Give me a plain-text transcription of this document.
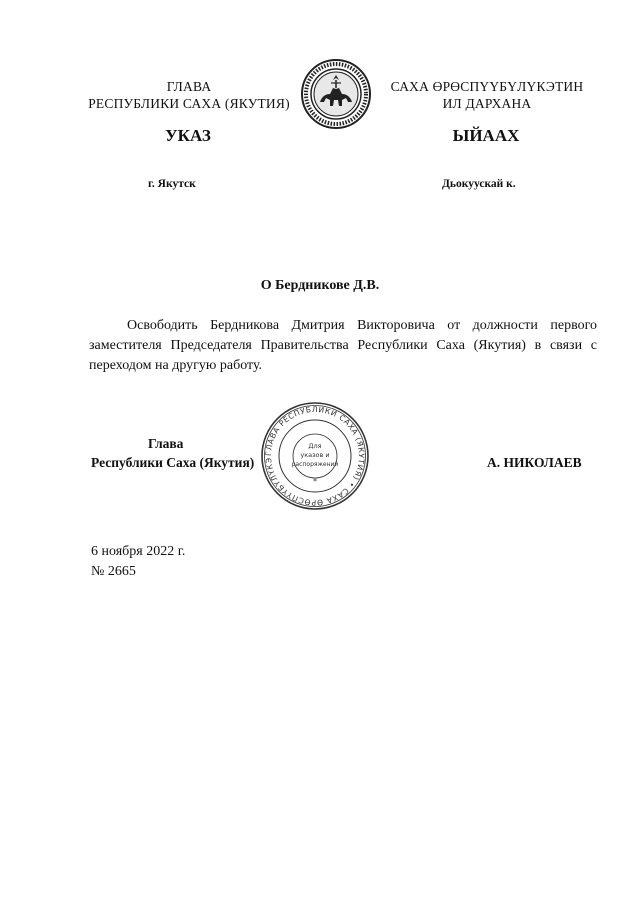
ГЛАВА
РЕСПУБЛИКИ САХА (ЯКУТИЯ)
САХА ӨРӨСПҮҮБҮЛҮКЭТИН
ИЛ ДАРХАНА
УКАЗ	ЫЙААХ
г. Якутск	Дьокуускай к.
О Бердникове Д.В.
Освободить Бердникова Дмитрия Викторовича от должности первого заместителя Председателя Правительства Республики Саха (Якутия) в связи с переходом на другую работу.
Глава
Республики Саха (Якутия)	А. НИКОЛАЕВ
ГЛАВА РЕСПУБЛИКИ САХА (ЯКУТИЯ) • САХА ӨРӨСПҮҮБҮЛҮКЭ
Для
указов и
распоряжений
*
6 ноября 2022 г.
№ 2665
